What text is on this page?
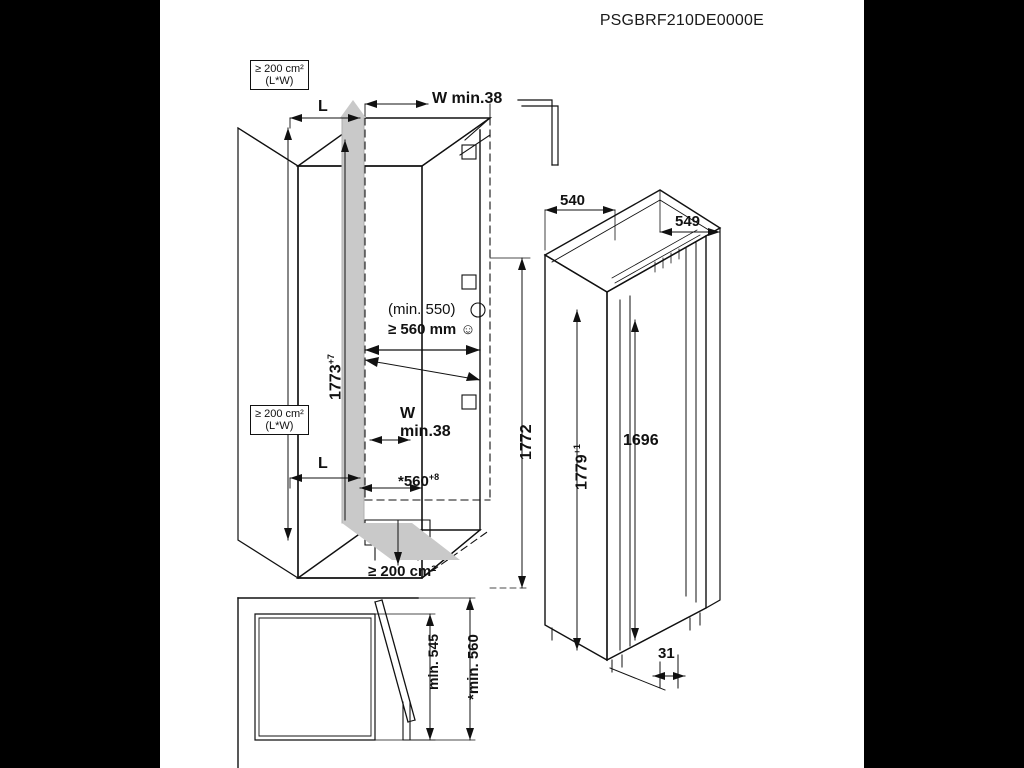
PSGBRF210DE0000E
≥ 200 cm²
(L*W)
≥ 200 cm²
(L*W)
L
L
W min.38
W
min.38
$1773^{+7}$
(min. 550)
≥ 560 mm ☺
$*560^{+8}$
≥ 200 cm²
1772
540
549
$1779^{+1}$
1696
31
min. 545 *min. 560
